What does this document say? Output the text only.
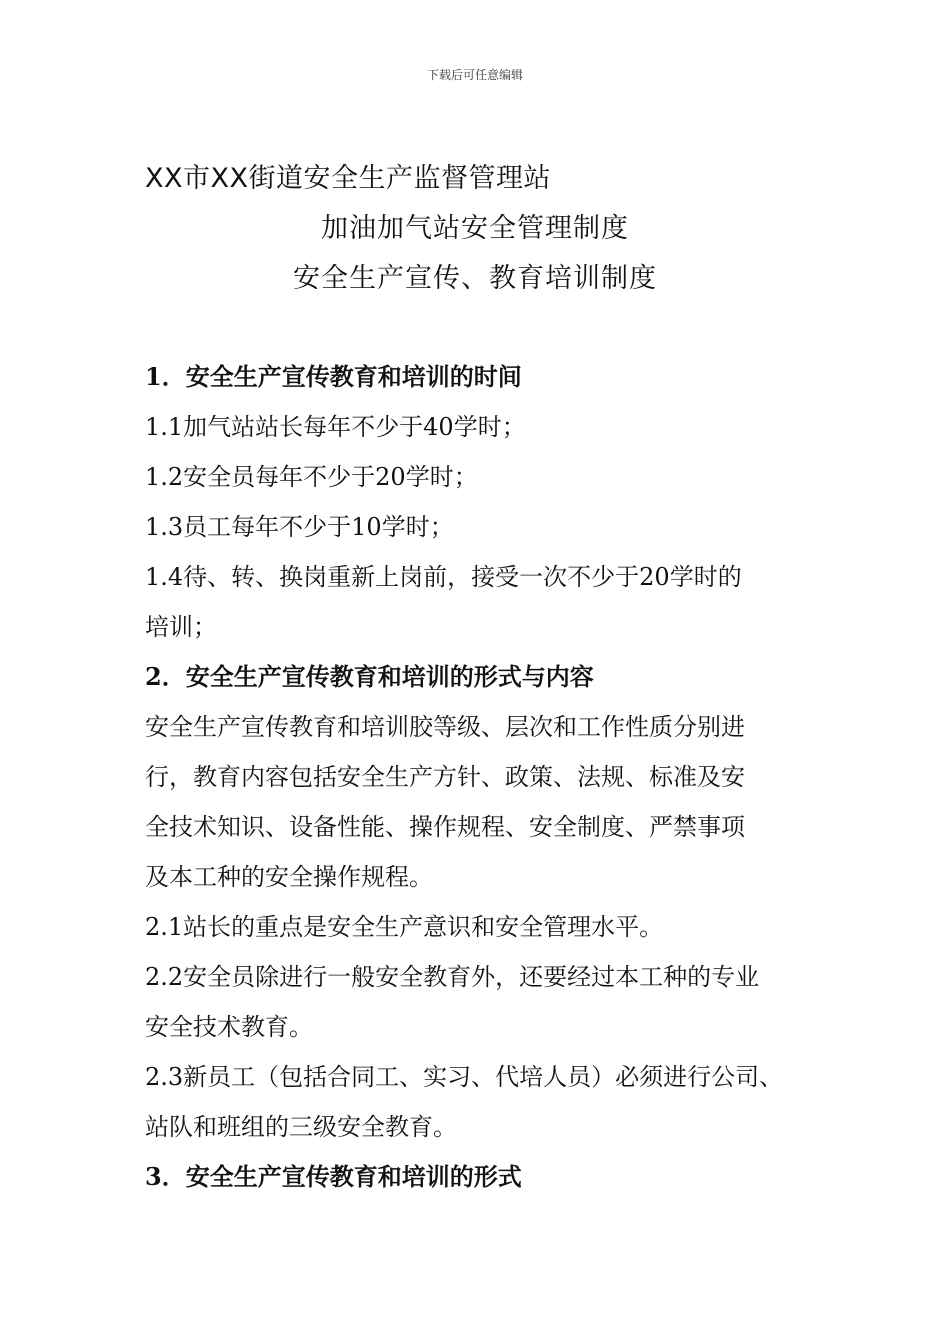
下载后可任意编辑
XX市XX街道安全生产监督管理站
加油加气站安全管理制度
安全生产宣传、教育培训制度
1．安全生产宣传教育和培训的时间
1.1加气站站长每年不少于40学时；
1.2安全员每年不少于20学时；
1.3员工每年不少于10学时；
1.4待、转、换岗重新上岗前，接受一次不少于20学时的
培训；
2．安全生产宣传教育和培训的形式与内容
安全生产宣传教育和培训胶等级、层次和工作性质分别进
行，教育内容包括安全生产方针、政策、法规、标准及安
全技术知识、设备性能、操作规程、安全制度、严禁事项
及本工种的安全操作规程。
2.1站长的重点是安全生产意识和安全管理水平。
2.2安全员除进行一般安全教育外，还要经过本工种的专业
安全技术教育。
2.3新员工（包括合同工、实习、代培人员）必须进行公司、
站队和班组的三级安全教育。
3．安全生产宣传教育和培训的形式
